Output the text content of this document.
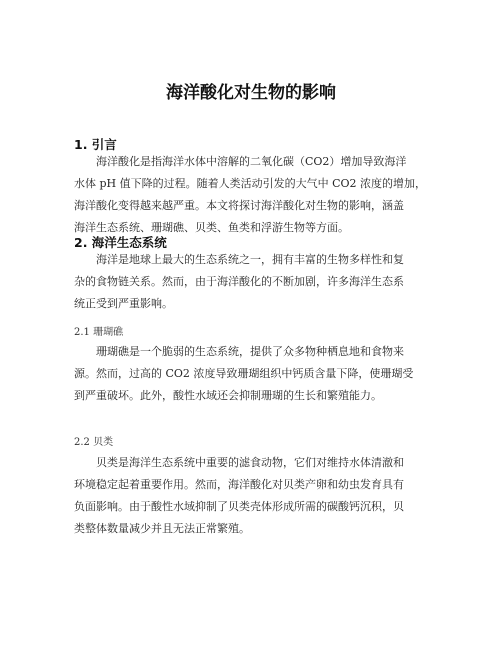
海洋酸化对生物的影响
1. 引言

海洋酸化是指海洋水体中溶解的二氧化碳（CO2）增加导致海洋
水体 pH 值下降的过程。随着人类活动引发的大气中 CO2 浓度的增加，
海洋酸化变得越来越严重。本文将探讨海洋酸化对生物的影响，涵盖
海洋生态系统、珊瑚礁、贝类、鱼类和浮游生物等方面。

2. 海洋生态系统

海洋是地球上最大的生态系统之一，拥有丰富的生物多样性和复
杂的食物链关系。然而，由于海洋酸化的不断加剧，许多海洋生态系
统正受到严重影响。

2.1 珊瑚礁

珊瑚礁是一个脆弱的生态系统，提供了众多物种栖息地和食物来
源。然而，过高的 CO2 浓度导致珊瑚组织中钙质含量下降，使珊瑚受
到严重破坏。此外，酸性水域还会抑制珊瑚的生长和繁殖能力。

2.2 贝类

贝类是海洋生态系统中重要的滤食动物，它们对维持水体清澈和
环境稳定起着重要作用。然而，海洋酸化对贝类产卵和幼虫发育具有
负面影响。由于酸性水域抑制了贝类壳体形成所需的碳酸钙沉积，贝
类整体数量减少并且无法正常繁殖。
